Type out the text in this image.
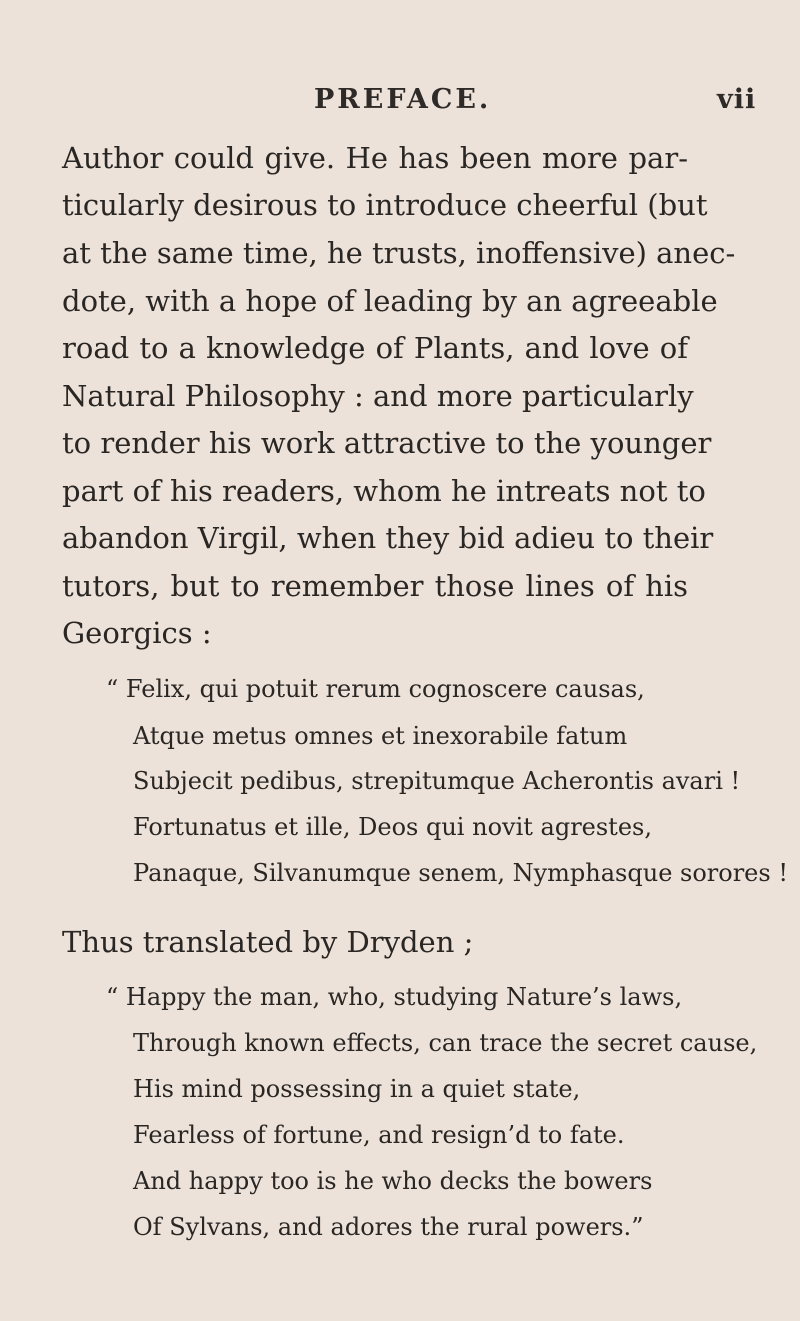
PREFACE.	vii
Author could give. He has been more par-
ticularly desirous to introduce cheerful (but
at the same time, he trusts, inoffensive) anec-
dote, with a hope of leading by an agreeable
road to a knowledge of Plants, and love of
Natural Philosophy : and more particularly
to render his work attractive to the younger
part of his readers, whom he intreats not to
abandon Virgil, when they bid adieu to their
tutors, but to remember those lines of his
Georgics :
“ Felix, qui potuit rerum cognoscere causas,
Atque metus omnes et inexorabile fatum
Subjecit pedibus, strepitumque Acherontis avari !
Fortunatus et ille, Deos qui novit agrestes,
Panaque, Silvanumque senem, Nymphasque sorores !
Thus translated by Dryden ;
“ Happy the man, who, studying Nature’s laws,
Through known effects, can trace the secret cause,
His mind possessing in a quiet state,
Fearless of fortune, and resign’d to fate.
And happy too is he who decks the bowers
Of Sylvans, and adores the rural powers.”
